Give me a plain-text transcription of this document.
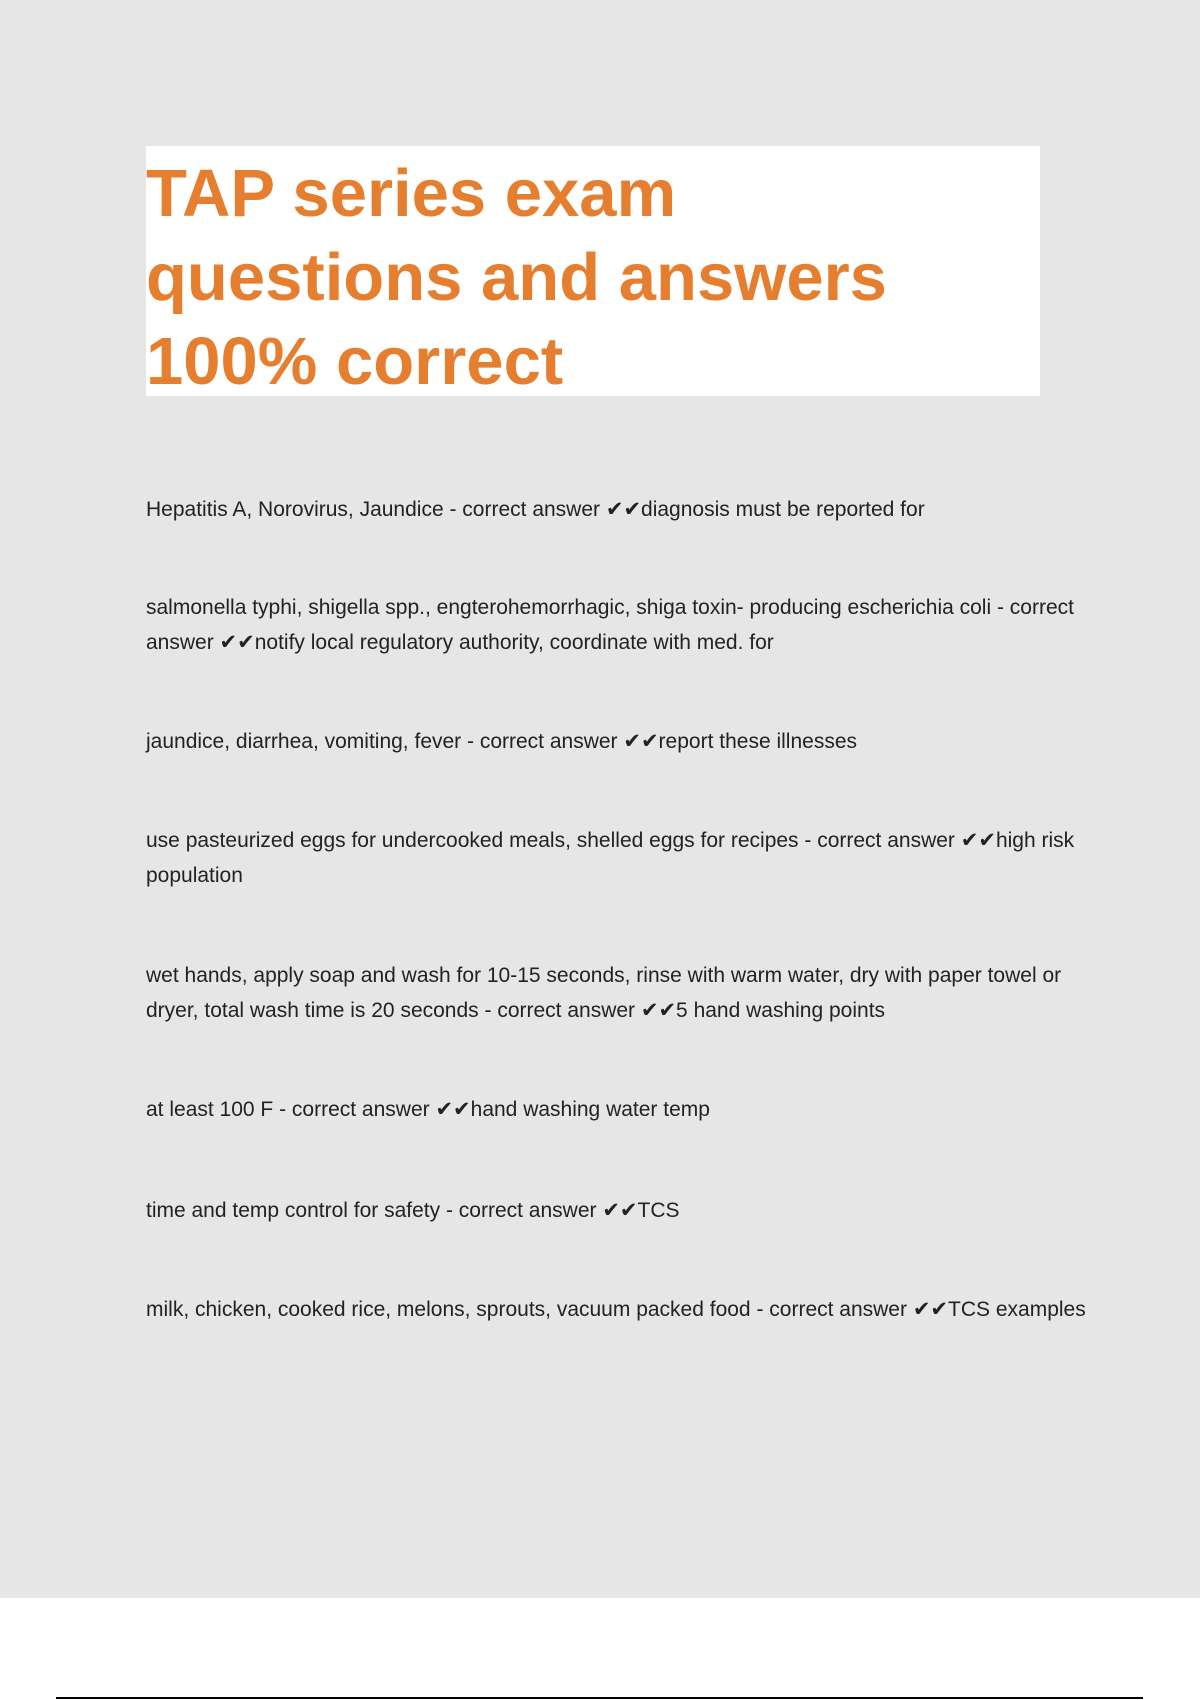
TAP series exam
questions and answers
100% correct

Hepatitis A, Norovirus, Jaundice - correct answer ✔✔diagnosis must be reported for

salmonella typhi, shigella spp., engterohemorrhagic, shiga toxin- producing escherichia coli - correct answer ✔✔notify local regulatory authority, coordinate with med. for

jaundice, diarrhea, vomiting, fever - correct answer ✔✔report these illnesses

use pasteurized eggs for undercooked meals, shelled eggs for recipes - correct answer ✔✔high risk population

wet hands, apply soap and wash for 10-15 seconds, rinse with warm water, dry with paper towel or dryer, total wash time is 20 seconds - correct answer ✔✔5 hand washing points

at least 100 F - correct answer ✔✔hand washing water temp

time and temp control for safety - correct answer ✔✔TCS

milk, chicken, cooked rice, melons, sprouts, vacuum packed food - correct answer ✔✔TCS examples
